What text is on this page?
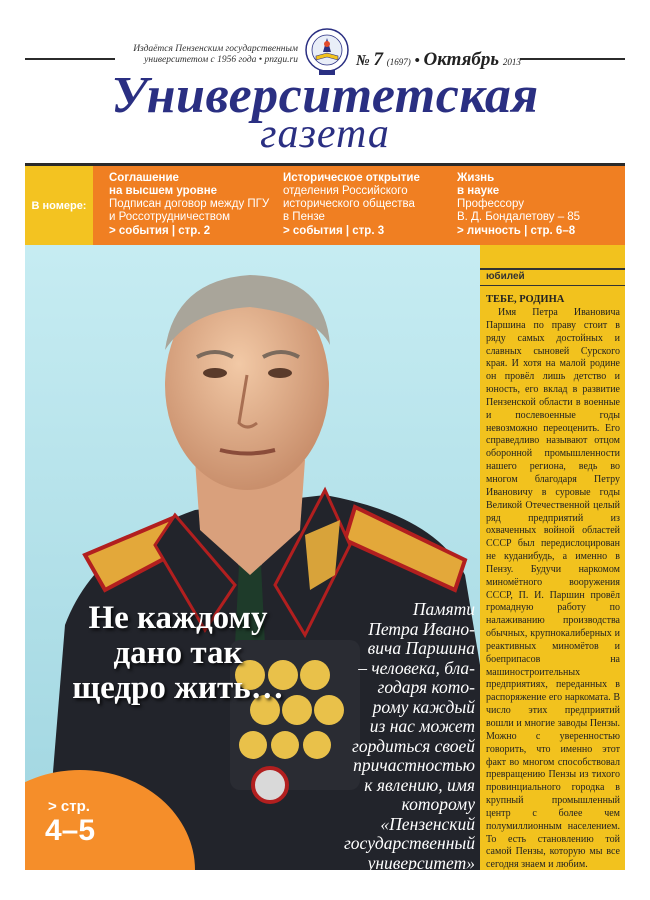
Издаётся Пензенским государственным
университетом с 1956 года • pnzgu.ru	№ 7 (1697) • Октябрь 2013
Университетская
газета
В номере:
Соглашение
на высшем уровне
Подписан договор между ПГУ
и Россотрудничеством
> события | стр. 2
Историческое открытие
отделения Российского
исторического общества
в Пензе
> события | стр. 3
Жизнь
в науке
Профессору
В. Д. Бондалетову – 85
> личность | стр. 6–8
Не каждому
дано так
щедро жить…
Памяти
Петра Ивано-
вича Паршина
– человека, бла-
годаря кото-
рому каждый
из нас может
гордиться своей
причастностью
к явлению, имя
которому
«Пензенский
государственный
университет»
> стр.
4–5
юбилей
ТЕБЕ, РОДИНА
Имя Петра Ивановича Паршина по праву стоит в ряду самых достойных и славных сыновей Сурского края. И хотя на малой родине он провёл лишь детство и юность, его вклад в развитие Пензенской области в военные и послевоенные годы невозможно переоценить. Его справедливо называют отцом оборонной промышленности нашего региона, ведь во многом благодаря Петру Ивановичу в суровые годы Великой Отечественной целый ряд предприятий из охваченных войной областей СССР был передислоцирован не куданибудь, а именно в Пензу. Будучи наркомом миномётного вооружения СССР, П. И. Паршин провёл громадную работу по налаживанию производства обычных, крупнокалиберных и реактивных миномётов и боеприпасов на машиностроительных предприятиях, переданных в распоряжение его наркомата. В число этих предприятий вошли и многие заводы Пензы. Можно с уверенностью говорить, что именно этот факт во многом способствовал превращению Пензы из тихого провинциального городка в крупный промышленный центр с более чем полумиллионным населением. То есть становлению той самой Пензы, которую мы все сегодня знаем и любим.
